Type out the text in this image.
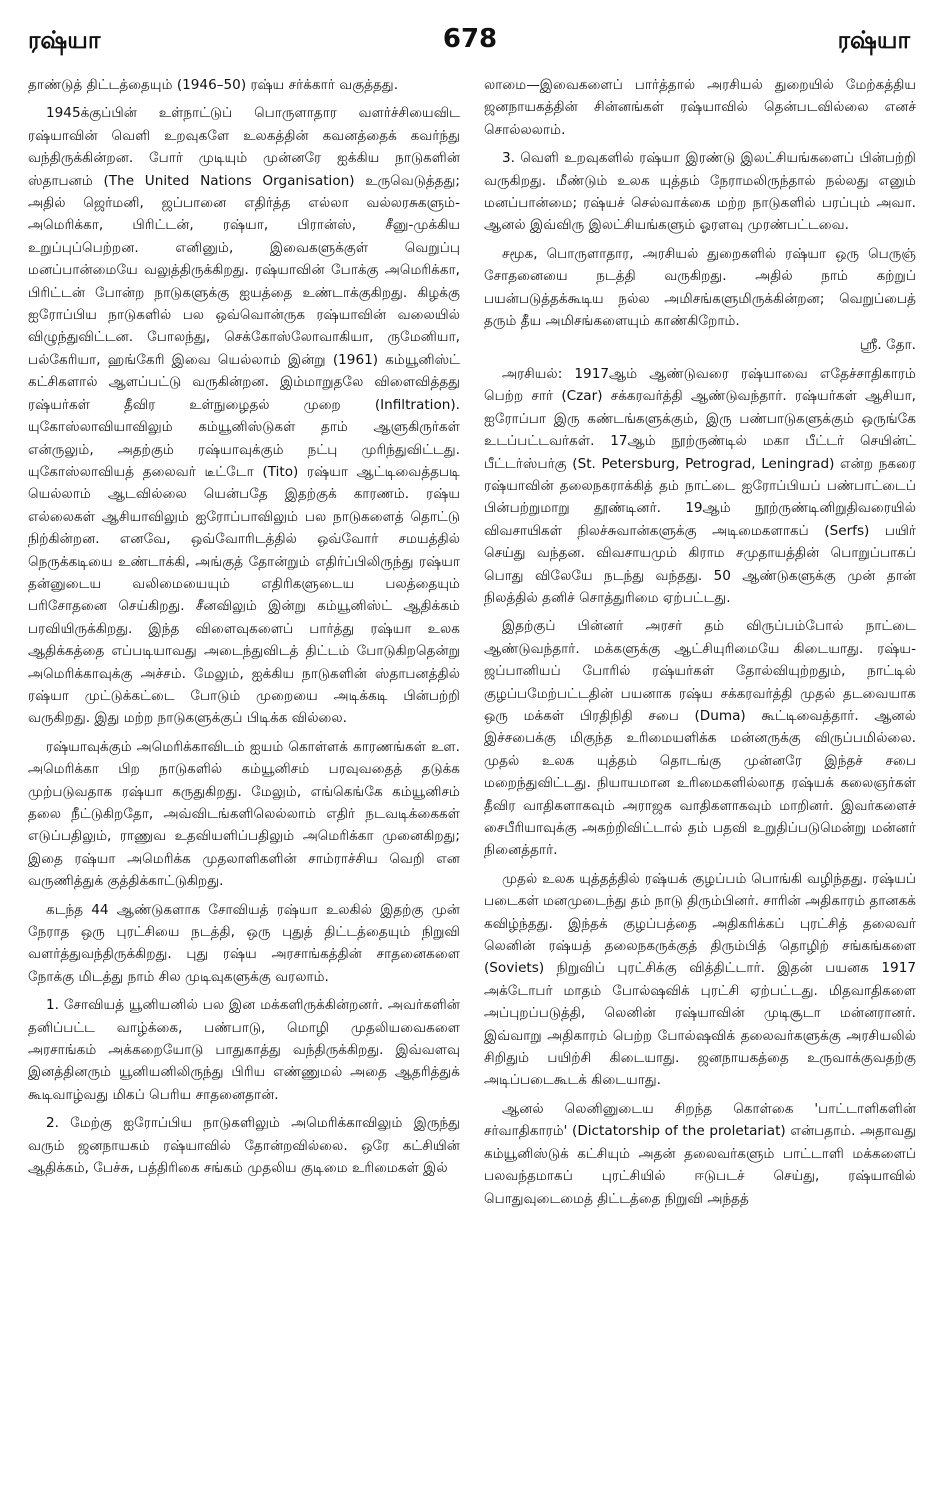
ரஷ்யா	678	ரஷ்யா

தாண்டுத் திட்டத்தையும் (1946–50) ரஷ்ய சர்க்கார் வகுத்தது.

1945க்குப்பின் உள்நாட்டுப் பொருளாதார வளர்ச்சியைவிட ரஷ்யாவின் வெளி உறவுகளே உலகத்தின் கவனத்தைக் கவர்ந்து வந்திருக்கின்றன. போர் முடியும் முன்னரே ஐக்கிய நாடுகளின் ஸ்தாபனம் (The United Nations Organisation) உருவெடுத்தது; அதில் ஜெர்மனி, ஜப்பானை எதிர்த்த எல்லா வல்லரசுகளும்-அமெரிக்கா, பிரிட்டன், ரஷ்யா, பிரான்ஸ், சீனு-முக்கிய உறுப்புப்பெற்றன. எனினும், இவைகளுக்குள் வெறுப்பு மனப்பான்மையே வலுத்திருக்கிறது. ரஷ்யாவின் போக்கு அமெரிக்கா, பிரிட்டன் போன்ற நாடுகளுக்கு ஐயத்தை உண்டாக்குகிறது. கிழக்கு ஐரோப்பிய நாடுகளில் பல ஒவ்வொன்ருக ரஷ்யாவின் வலையில் விழுந்துவிட்டன. போலந்து, செக்கோஸ்லோவாகியா, ருமேனியா, பல்கேரியா, ஹங்கேரி இவை யெல்லாம் இன்று (1961) கம்யூனிஸ்ட் கட்சிகளால் ஆளப்பட்டு வருகின்றன. இம்மாறுதலே விளைவித்தது ரஷ்யர்கள் தீவிர உள்நுழைதல் முறை (Infiltration). யுகோஸ்லாவியாவிலும் கம்யூனிஸ்டுகள் தாம் ஆளுகிருர்கள் என்ருலும், அதற்கும் ரஷ்யாவுக்கும் நட்பு முரிந்துவிட்டது. யுகோஸ்லாவியத் தலைவர் டீட்டோ (Tito) ரஷ்யா ஆட்டிவைத்தபடி யெல்லாம் ஆடவில்லை யென்பதே இதற்குக் காரணம். ரஷ்ய எல்லைகள் ஆசியாவிலும் ஐரோப்பாவிலும் பல நாடுகளைத் தொட்டு நிற்கின்றன. எனவே, ஒவ்வோரிடத்தில் ஒவ்வோர் சமயத்தில் நெருக்கடியை உண்டாக்கி, அங்குத் தோன்றும் எதிர்ப்பிலிருந்து ரஷ்யா தன்னுடைய வலிமையையும் எதிரிகளுடைய பலத்தையும் பரிசோதனை செய்கிறது. சீனவிலும் இன்று கம்யூனிஸ்ட் ஆதிக்கம் பரவியிருக்கிறது. இந்த விளைவுகளைப் பார்த்து ரஷ்யா உலக ஆதிக்கத்தை எப்படியாவது அடைந்துவிடத் திட்டம் போடுகிறதென்று அமெரிக்காவுக்கு அச்சம். மேலும், ஐக்கிய நாடுகளின் ஸ்தாபனத்தில் ரஷ்யா முட்டுக்கட்டை போடும் முறையை அடிக்கடி பின்பற்றி வருகிறது. இது மற்ற நாடுகளுக்குப் பிடிக்க வில்லை.

ரஷ்யாவுக்கும் அமெரிக்காவிடம் ஐயம் கொள்ளக் காரணங்கள் உள. அமெரிக்கா பிற நாடுகளில் கம்யூனிசம் பரவுவதைத் தடுக்க முற்படுவதாக ரஷ்யா கருதுகிறது. மேலும், எங்கெங்கே கம்யூனிசம் தலை நீட்டுகிறதோ, அவ்விடங்களிலெல்லாம் எதிர் நடவடிக்கைகள் எடுப்பதிலும், ராணுவ உதவியளிப்பதிலும் அமெரிக்கா முனைகிறது; இதை ரஷ்யா அமெரிக்க முதலாளிகளின் சாம்ராச்சிய வெறி என வருணித்துக் குத்திக்காட்டுகிறது.

கடந்த 44 ஆண்டுகளாக சோவியத் ரஷ்யா உலகில் இதற்கு முன் நேராத ஒரு புரட்சியை நடத்தி, ஒரு புதுத் திட்டத்தையும் நிறுவி வளர்த்துவந்திருக்கிறது. புது ரஷ்ய அரசாங்கத்தின் சாதனைகளை நோக்கு மிடத்து நாம் சில முடிவுகளுக்கு வரலாம்.

1. சோவியத் யூனியனில் பல இன மக்களிருக்கின்றனர். அவர்களின் தனிப்பட்ட வாழ்க்கை, பண்பாடு, மொழி முதலியவைகளை அரசாங்கம் அக்கறையோடு பாதுகாத்து வந்திருக்கிறது. இவ்வளவு இனத்தினரும் யூனியனிலிருந்து பிரிய எண்ணுமல் அதை ஆதரித்துக் கூடிவாழ்வது மிகப் பெரிய சாதனைதான்.

2. மேற்கு ஐரோப்பிய நாடுகளிலும் அமெரிக்காவிலும் இருந்து வரும் ஜனநாயகம் ரஷ்யாவில் தோன்றவில்லை. ஒரே கட்சியின் ஆதிக்கம், பேச்சு, பத்திரிகை சங்கம் முதலிய குடிமை உரிமைகள் இல்

லாமை—இவைகளைப் பார்த்தால் அரசியல் துறையில் மேற்கத்திய ஜனநாயகத்தின் சின்னங்கள் ரஷ்யாவில் தென்படவில்லை எனச் சொல்லலாம்.

3. வெளி உறவுகளில் ரஷ்யா இரண்டு இலட்சியங்களைப் பின்பற்றி வருகிறது. மீண்டும் உலக யுத்தம் நேராமலிருந்தால் நல்லது எனும் மனப்பான்மை; ரஷ்யச் செல்வாக்கை மற்ற நாடுகளில் பரப்பும் அவா. ஆனல் இவ்விரு இலட்சியங்களும் ஓரளவு முரண்பட்டவை.

சமூக, பொருளாதார, அரசியல் துறைகளில் ரஷ்யா ஒரு பெருஞ் சோதனையை நடத்தி வருகிறது. அதில் நாம் கற்றுப் பயன்படுத்தக்கூடிய நல்ல அமிசங்களுமிருக்கின்றன; வெறுப்பைத் தரும் தீய அமிசங்களையும் காண்கிறோம்.

ஸ்ரீ. தோ.

அரசியல்: 1917ஆம் ஆண்டுவரை ரஷ்யாவை எதேச்சாதிகாரம் பெற்ற சார் (Czar) சக்கரவர்த்தி ஆண்டுவந்தார். ரஷ்யர்கள் ஆசியா, ஐரோப்பா இரு கண்டங்களுக்கும், இரு பண்பாடுகளுக்கும் ஒருங்கே உடப்பட்டவர்கள். 17ஆம் நூற்ருண்டில் மகா பீட்டர் செயின்ட் பீட்டர்ஸ்பர்கு (St. Petersburg, Petrograd, Leningrad) என்ற நகரை ரஷ்யாவின் தலைநகராக்கித் தம் நாட்டை ஐரோப்பியப் பண்பாட்டைப் பின்பற்றுமாறு தூண்டினர். 19ஆம் நூற்ருண்டினிறுதிவரையில் விவசாயிகள் நிலச்சுவான்களுக்கு அடிமைகளாகப் (Serfs) பயிர் செய்து வந்தன. விவசாயமும் கிராம சமுதாயத்தின் பொறுப்பாகப் பொது விலேயே நடந்து வந்தது. 50 ஆண்டுகளுக்கு முன் தான் நிலத்தில் தனிச் சொத்துரிமை ஏற்பட்டது.

இதற்குப் பின்னர் அரசர் தம் விருப்பம்போல் நாட்டை ஆண்டுவந்தார். மக்களுக்கு ஆட்சியுரிமையே கிடையாது. ரஷ்ய-ஜப்பானியப் போரில் ரஷ்யர்கள் தோல்வியுற்றதும், நாட்டில் குழப்பமேற்பட்டதின் பயனாக ரஷ்ய சக்கரவர்த்தி முதல் தடவையாக ஒரு மக்கள் பிரதிநிதி சபை (Duma) கூட்டிவைத்தார். ஆனல் இச்சபைக்கு மிகுந்த உரிமையளிக்க மன்னருக்கு விருப்பமில்லை. முதல் உலக யுத்தம் தொடங்கு முன்னரே இந்தச் சபை மறைந்துவிட்டது. நியாயமான உரிமைகளில்லாத ரஷ்யக் கலைஞர்கள் தீவிர வாதிகளாகவும் அராஜக வாதிகளாகவும் மாறினர். இவர்களைச் சைபீரியாவுக்கு அகற்றிவிட்டால் தம் பதவி உறுதிப்படுமென்று மன்னர் நினைத்தார்.

முதல் உலக யுத்தத்தில் ரஷ்யக் குழப்பம் பொங்கி வழிந்தது. ரஷ்யப் படைகள் மனமுடைந்து தம் நாடு திரும்பினர். சாரின் அதிகாரம் தானகக் கவிழ்ந்தது. இந்தக் குழப்பத்தை அதிகரிக்கப் புரட்சித் தலைவர் லெனின் ரஷ்யத் தலைநகருக்குத் திரும்பித் தொழிற் சங்கங்களை (Soviets) நிறுவிப் புரட்சிக்கு வித்திட்டார். இதன் பயனக 1917 அக்டோபர் மாதம் போல்ஷவிக் புரட்சி ஏற்பட்டது. மிதவாதிகளை அப்புறப்படுத்தி, லெனின் ரஷ்யாவின் முடிசூடா மன்னரானர். இவ்வாறு அதிகாரம் பெற்ற போல்ஷவிக் தலைவர்களுக்கு அரசியலில் சிறிதும் பயிற்சி கிடையாது. ஜனநாயகத்தை உருவாக்குவதற்கு அடிப்படைகூடக் கிடையாது.

ஆனல் லெனினுடைய சிறந்த கொள்கை 'பாட்டாளிகளின் சர்வாதிகாரம்' (Dictatorship of the proletariat) என்பதாம். அதாவது கம்யூனிஸ்டுக் கட்சியும் அதன் தலைவர்களும் பாட்டாளி மக்களைப் பலவந்தமாகப் புரட்சியில் ஈடுபடச் செய்து, ரஷ்யாவில் பொதுவுடைமைத் திட்டத்தை நிறுவி அந்தத்
